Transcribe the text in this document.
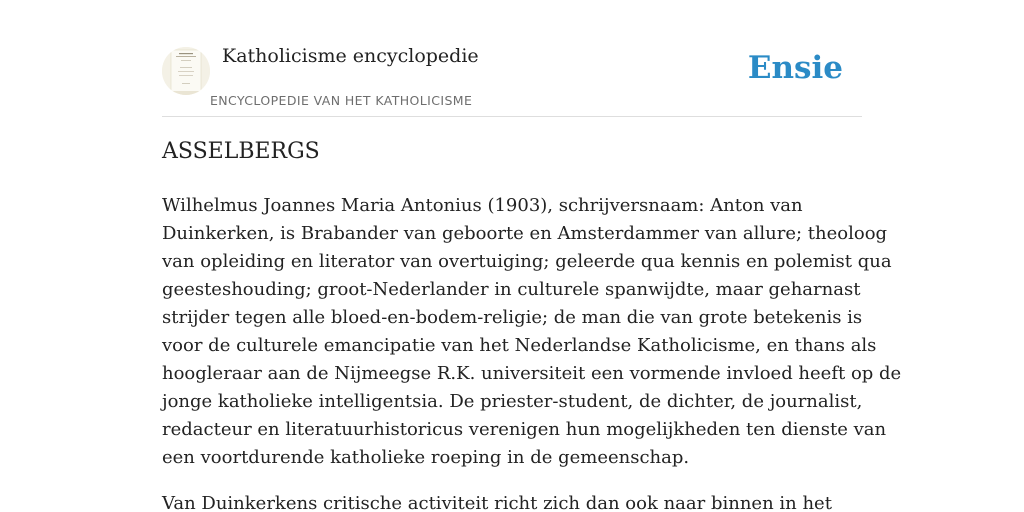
Katholicisme encyclopedie
ENCYCLOPEDIE VAN HET KATHOLICISME
Ensie
ASSELBERGS

Wilhelmus Joannes Maria Antonius (1903), schrijversnaam: Anton van
Duinkerken, is Brabander van geboorte en Amsterdammer van allure; theoloog
van opleiding en literator van overtuiging; geleerde qua kennis en polemist qua
geesteshouding; groot-Nederlander in culturele spanwijdte, maar geharnast
strijder tegen alle bloed-en-bodem-religie; de man die van grote betekenis is
voor de culturele emancipatie van het Nederlandse Katholicisme, en thans als
hoogleraar aan de Nijmeegse R.K. universiteit een vormende invloed heeft op de
jonge katholieke intelligentsia. De priester-student, de dichter, de journalist,
redacteur en literatuurhistoricus verenigen hun mogelijkheden ten dienste van
een voortdurende katholieke roeping in de gemeenschap.

Van Duinkerkens critische activiteit richt zich dan ook naar binnen in het
